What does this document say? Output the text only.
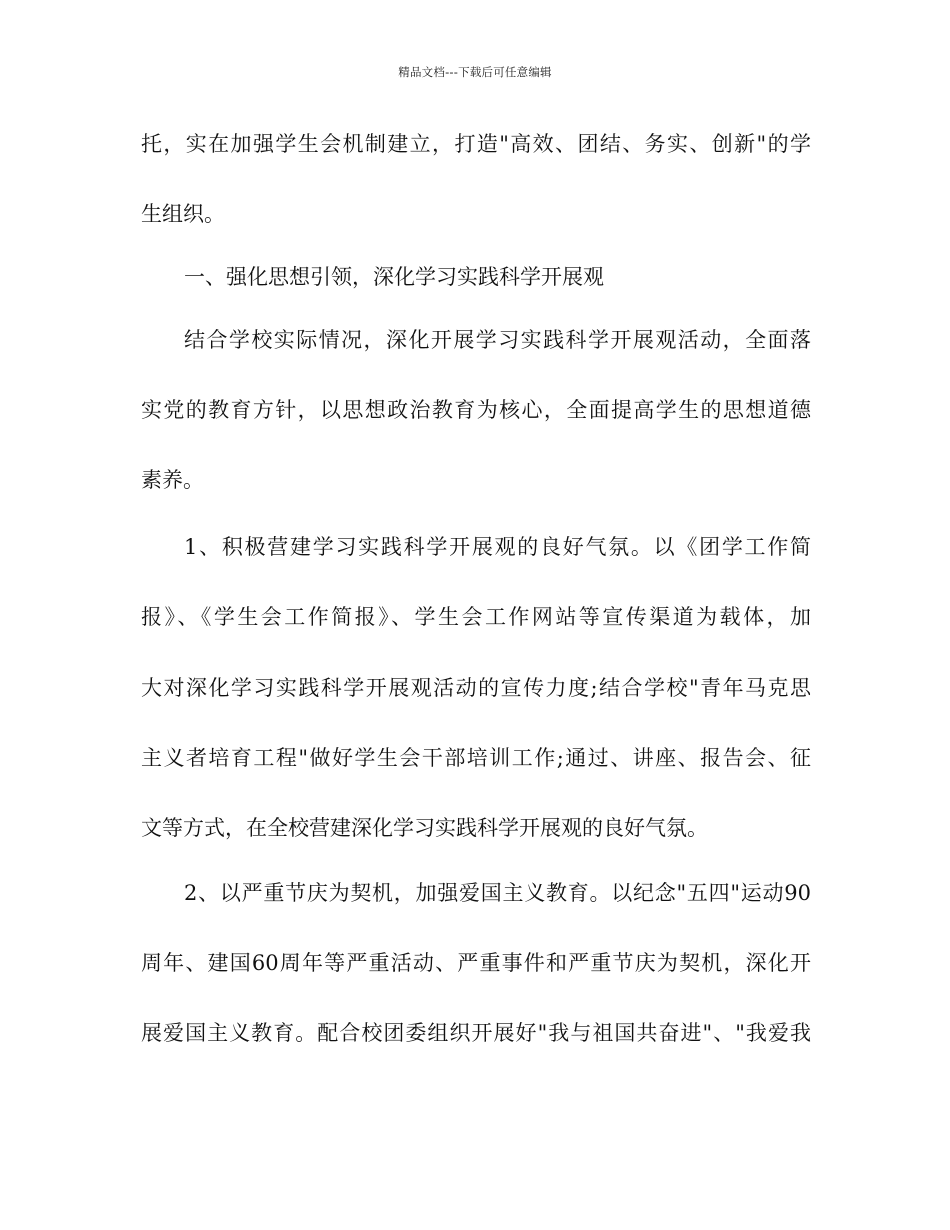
精品文档---下载后可任意编辑
托，实在加强学生会机制建立，打造"高效、团结、务实、创新"的学
生组织。
一、强化思想引领，深化学习实践科学开展观
结合学校实际情况，深化开展学习实践科学开展观活动，全面落
实党的教育方针，以思想政治教育为核心，全面提高学生的思想道德
素养。
1、积极营建学习实践科学开展观的良好气氛。以《团学工作简
报》、《学生会工作简报》、学生会工作网站等宣传渠道为载体，加
大对深化学习实践科学开展观活动的宣传力度;结合学校"青年马克思
主义者培育工程"做好学生会干部培训工作;通过、讲座、报告会、征
文等方式，在全校营建深化学习实践科学开展观的良好气氛。
2、以严重节庆为契机，加强爱国主义教育。以纪念"五四"运动90
周年、建国60周年等严重活动、严重事件和严重节庆为契机，深化开
展爱国主义教育。配合校团委组织开展好"我与祖国共奋进"、"我爱我
